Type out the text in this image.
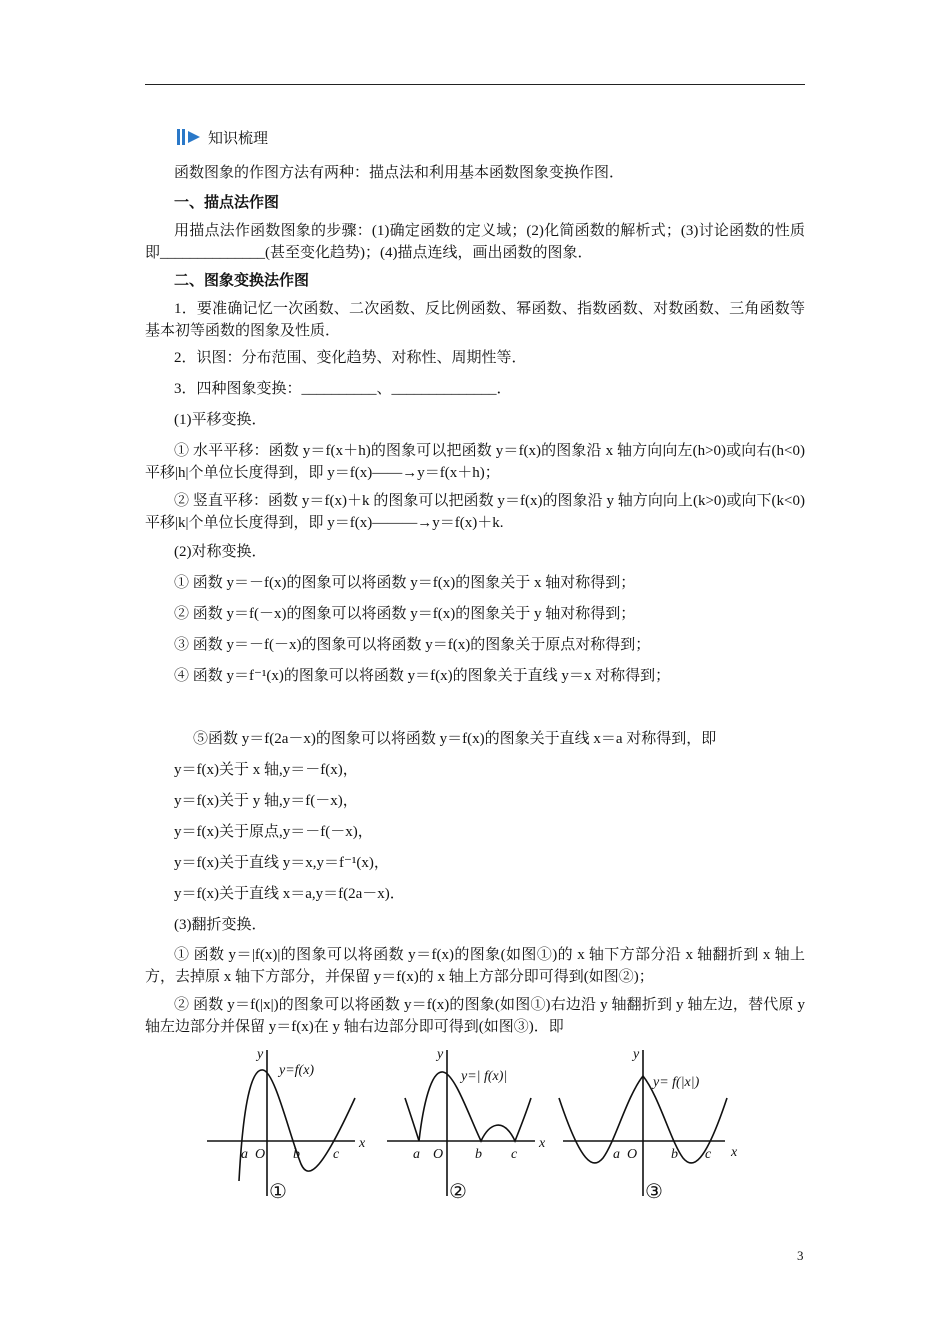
知识梳理
函数图象的作图方法有两种：描点法和利用基本函数图象变换作图．
一、描点法作图
用描点法作函数图象的步骤：(1)确定函数的定义域；(2)化简函数的解析式；(3)讨论函数的性质即______________(甚至变化趋势)；(4)描点连线，画出函数的图象．
二、图象变换法作图
1．要准确记忆一次函数、二次函数、反比例函数、幂函数、指数函数、对数函数、三角函数等基本初等函数的图象及性质．
2．识图：分布范围、变化趋势、对称性、周期性等．
3．四种图象变换：__________、______________．
(1)平移变换．
① 水平平移：函数 y＝f(x＋h)的图象可以把函数 y＝f(x)的图象沿 x 轴方向向左(h>0)或向右(h<0)平移|h|个单位长度得到，即 y＝f(x)——→y＝f(x＋h)；
② 竖直平移：函数 y＝f(x)＋k 的图象可以把函数 y＝f(x)的图象沿 y 轴方向向上(k>0)或向下(k<0)平移|k|个单位长度得到，即 y＝f(x)———→y＝f(x)＋k.
(2)对称变换．
① 函数 y＝－f(x)的图象可以将函数 y＝f(x)的图象关于 x 轴对称得到；
② 函数 y＝f(－x)的图象可以将函数 y＝f(x)的图象关于 y 轴对称得到；
③ 函数 y＝－f(－x)的图象可以将函数 y＝f(x)的图象关于原点对称得到；
④ 函数 y＝f⁻¹(x)的图象可以将函数 y＝f(x)的图象关于直线 y＝x 对称得到；
⑤函数 y＝f(2a－x)的图象可以将函数 y＝f(x)的图象关于直线 x＝a 对称得到，即
y＝f(x)关于 x 轴,y＝－f(x)，
y＝f(x)关于 y 轴,y＝f(－x)，
y＝f(x)关于原点,y＝－f(－x)，
y＝f(x)关于直线 y＝x,y＝f⁻¹(x)，
y＝f(x)关于直线 x＝a,y＝f(2a－x)．
(3)翻折变换．
① 函数 y＝|f(x)|的图象可以将函数 y＝f(x)的图象(如图①)的 x 轴下方部分沿 x 轴翻折到 x 轴上方，去掉原 x 轴下方部分，并保留 y＝f(x)的 x 轴上方部分即可得到(如图②)；
② 函数 y＝f(|x|)的图象可以将函数 y＝f(x)的图象(如图①)右边沿 y 轴翻折到 y 轴左边，替代原 y 轴左边部分并保留 y＝f(x)在 y 轴右边部分即可得到(如图③)．即
x
y
y=f(x)
a O b c
①
x
y
y=| f(x)|
a O b c
②
x
y
y= f(|x|)
a O b c
③
3
